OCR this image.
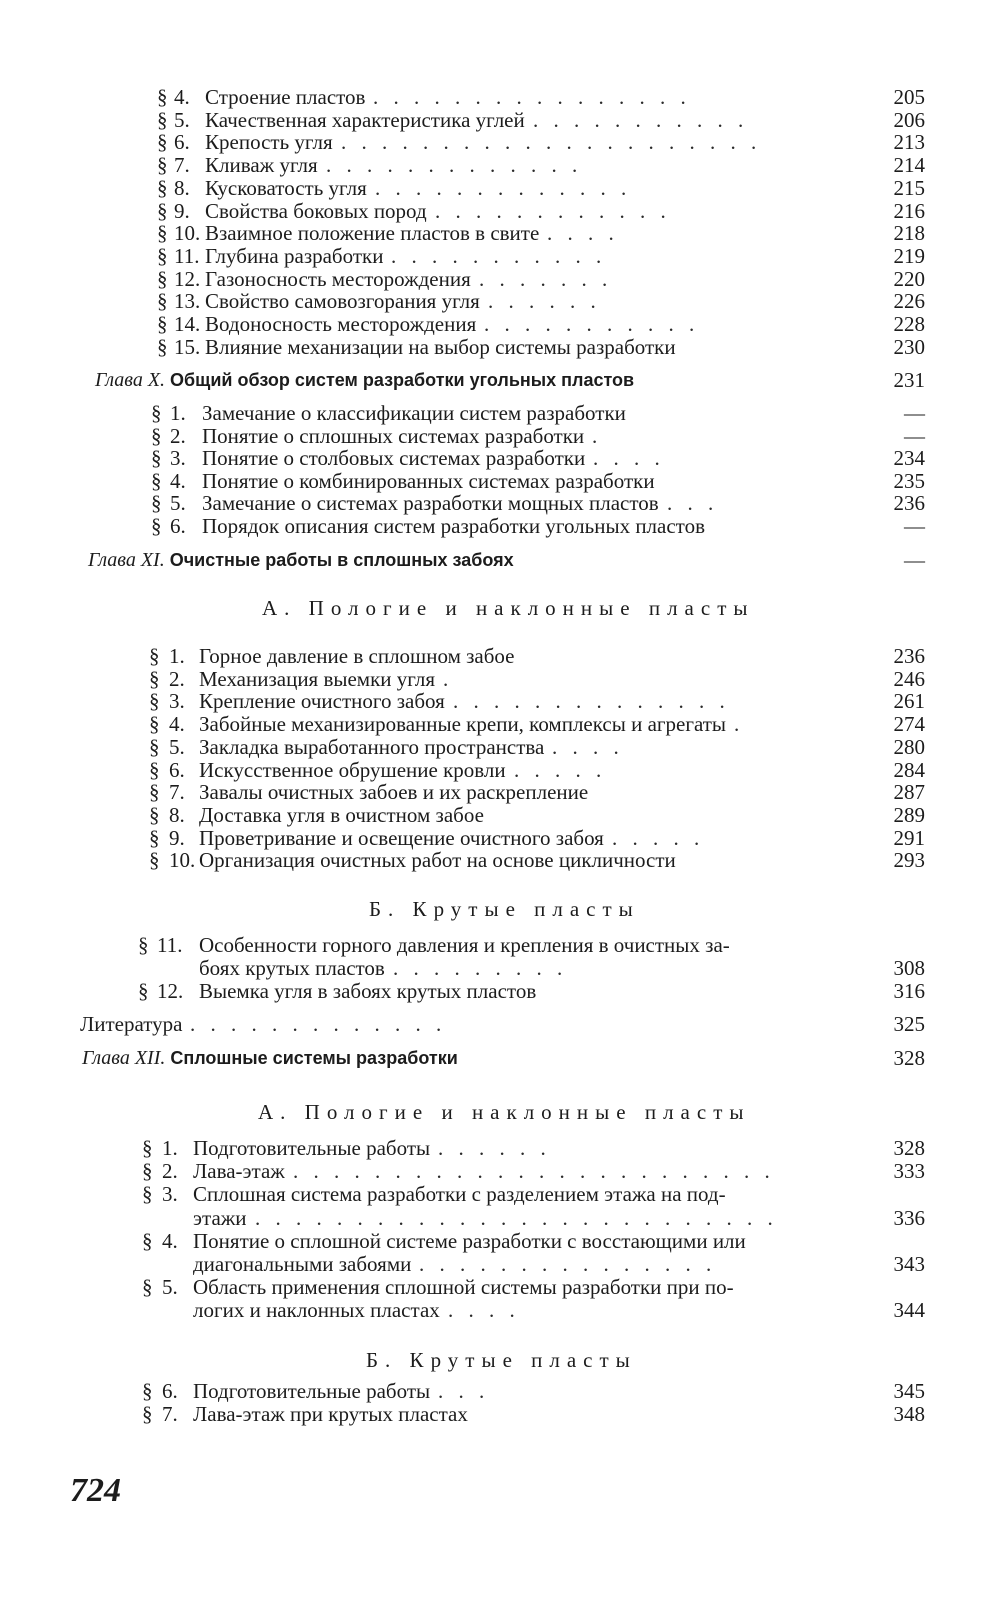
§ 4. Строение пластов	205
. . . . . . . . . . . . . . . .
§ 5. Качественная характеристика углей	206
. . . . . . . . . . .
§ 6. Крепость угля	213
. . . . . . . . . . . . . . . . . . . . .
§ 7. Кливаж угля	214
. . . . . . . . . . . . .
§ 8. Кусковатость угля	215
. . . . . . . . . . . . .
§ 9. Свойства боковых пород	216
. . . . . . . . . . . .
§ 10. Взаимное положение пластов в свите	218
. . . .
§ 11. Глубина разработки	219
. . . . . . . . . . .
§ 12. Газоносность месторождения	220
. . . . . . .
§ 13. Свойство самовозгорания угля	226
. . . . . .
§ 14. Водоносность месторождения	228
. . . . . . . . . . .
§ 15. Влияние механизации на выбор системы разработки	230
Глава X. Общий обзор систем разработки угольных пластов	231
§ 1. Замечание о классификации систем разработки	—
§ 2. Понятие о сплошных системах разработки	—
.
§ 3. Понятие о столбовых системах разработки	234
. . . .
§ 4. Понятие о комбинированных системах разработки	235
§ 5. Замечание о системах разработки мощных пластов	236
. . .
§ 6. Порядок описания систем разработки угольных пластов	—
Глава XI. Очистные работы в сплошных забоях	—
А. Пологие и наклонные пласты
§ 1. Горное давление в сплошном забое	236
§ 2. Механизация выемки угля	246
.
§ 3. Крепление очистного забоя	261
. . . . . . . . . . . . . .
§ 4. Забойные механизированные крепи, комплексы и агрегаты	274
.
§ 5. Закладка выработанного пространства	280
. . . .
§ 6. Искусственное обрушение кровли	284
. . . . .
§ 7. Завалы очистных забоев и их раскрепление	287
§ 8. Доставка угля в очистном забое	289
§ 9. Проветривание и освещение очистного забоя	291
. . . . .
§ 10. Организация очистных работ на основе цикличности	293
Б. Крутые пласты
§ 11. Особенности горного давления и крепления в очистных за-
боях крутых пластов	308
. . . . . . . . .
§ 12. Выемка угля в забоях крутых пластов	316
Литература . . . . . . . . . . . . .	325
Глава XII. Сплошные системы разработки	328
А. Пологие и наклонные пласты
§ 1. Подготовительные работы	328
. . . . . .
§ 2. Лава-этаж	333
. . . . . . . . . . . . . . . . . . . . . . . .
§ 3. Сплошная система разработки с разделением этажа на под-
этажи	336
. . . . . . . . . . . . . . . . . . . . . . . . . .
§ 4. Понятие о сплошной системе разработки с восстающими или
диагональными забоями	343
. . . . . . . . . . . . . . .
§ 5. Область применения сплошной системы разработки при по-
логих и наклонных пластах	344
. . . .
Б. Крутые пласты
§ 6. Подготовительные работы	345
. . .
§ 7. Лава-этаж при крутых пластах	348
724
